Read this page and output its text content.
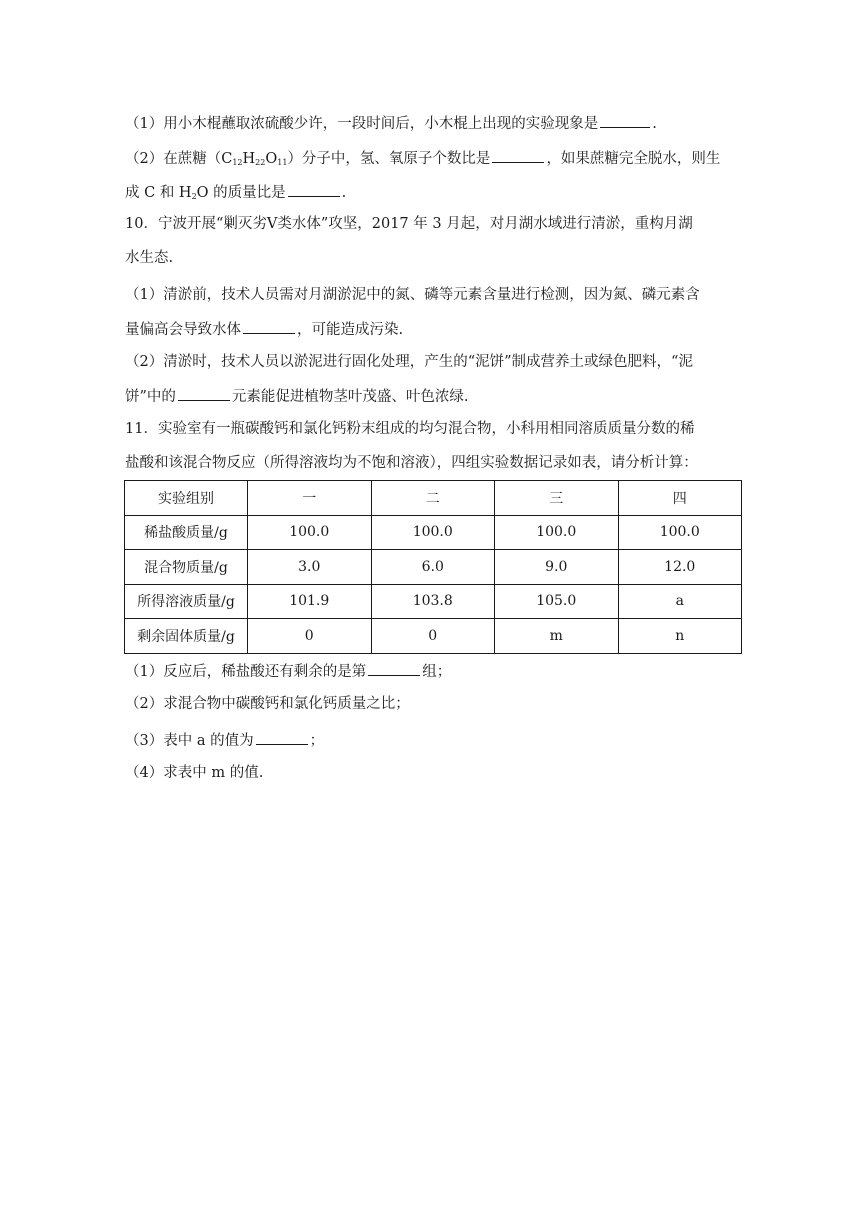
（1）用小木棍蘸取浓硫酸少许，一段时间后，小木棍上出现的实验现象是	.
（2）在蔗糖$(C_{12}H_{22}O_{11})$分子中，氢、氧原子个数比是	，如果蔗糖完全脱水，则生
成 C 和 $H_2O$ 的质量比是	.
10．宁波开展“剿灭劣Ⅴ类水体”攻坚，2017 年 3 月起，对月湖水域进行清淤，重构月湖
水生态.
（1）清淤前，技术人员需对月湖淤泥中的氮、磷等元素含量进行检测，因为氮、磷元素含
量偏高会导致水体	，可能造成污染.
（2）清淤时，技术人员以淤泥进行固化处理，产生的“泥饼”制成营养土或绿色肥料，“泥
饼”中的	元素能促进植物茎叶茂盛、叶色浓绿.
11．实验室有一瓶碳酸钙和氯化钙粉末组成的均匀混合物，小科用相同溶质质量分数的稀
盐酸和该混合物反应（所得溶液均为不饱和溶液），四组实验数据记录如表，请分析计算：
实验组别	一	二	三	四
稀盐酸质量/g	100.0	100.0	100.0	100.0
混合物质量/g	3.0	6.0	9.0	12.0
所得溶液质量/g	101.9	103.8	105.0	a
剩余固体质量/g	0	0	m	n
（1）反应后，稀盐酸还有剩余的是第	组；
（2）求混合物中碳酸钙和氯化钙质量之比；
（3）表中 a 的值为	；
（4）求表中 m 的值.
